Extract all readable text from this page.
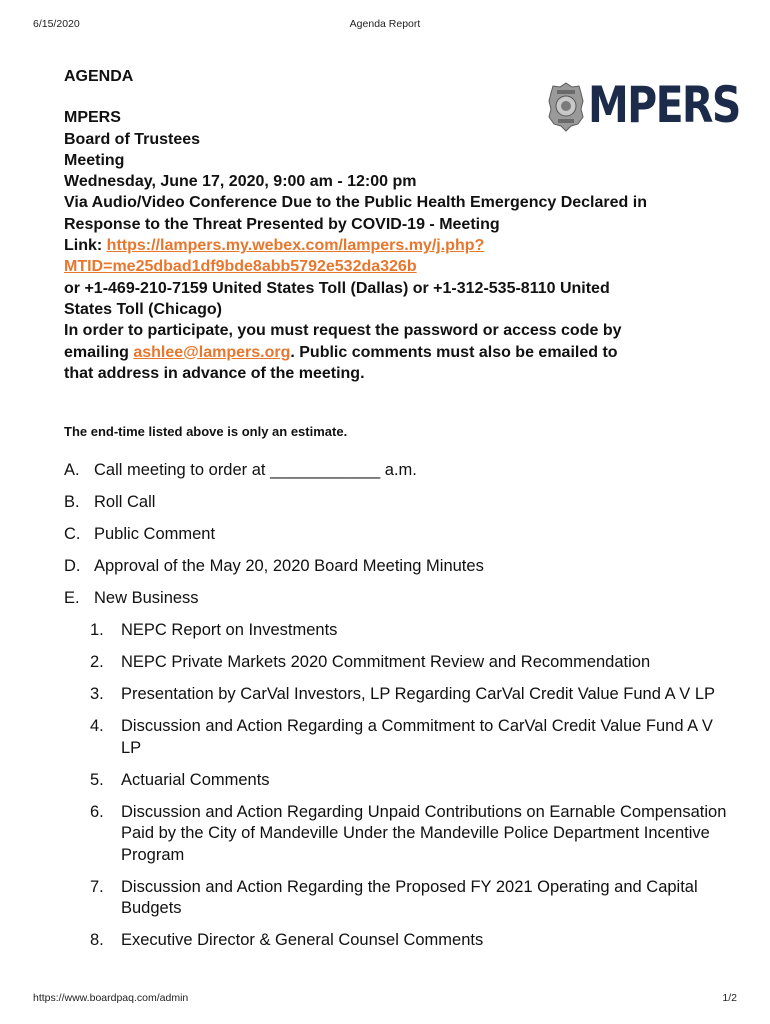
6/15/2020	Agenda Report
MPERS
AGENDA
MPERS
Board of Trustees
Meeting
Wednesday, June 17, 2020, 9:00 am - 12:00 pm
Via Audio/Video Conference Due to the Public Health Emergency Declared in
Response to the Threat Presented by COVID-19 - Meeting
Link: https://lampers.my.webex.com/lampers.my/j.php?
MTID=me25dbad1df9bde8abb5792e532da326b
or +1-469-210-7159 United States Toll (Dallas) or +1-312-535-8110 United
States Toll (Chicago)
In order to participate, you must request the password or access code by
emailing ashlee@lampers.org. Public comments must also be emailed to
that address in advance of the meeting.
The end-time listed above is only an estimate.
A. Call meeting to order at ____________ a.m.
B. Roll Call
C. Public Comment
D. Approval of the May 20, 2020 Board Meeting Minutes
E. New Business
1. NEPC Report on Investments
2. NEPC Private Markets 2020 Commitment Review and Recommendation
3. Presentation by CarVal Investors, LP Regarding CarVal Credit Value Fund A V LP
4. Discussion and Action Regarding a Commitment to CarVal Credit Value Fund A V LP
5. Actuarial Comments
6. Discussion and Action Regarding Unpaid Contributions on Earnable Compensation Paid by the City of Mandeville Under the Mandeville Police Department Incentive Program
7. Discussion and Action Regarding the Proposed FY 2021 Operating and Capital Budgets
8. Executive Director & General Counsel Comments
https://www.boardpaq.com/admin	1/2
